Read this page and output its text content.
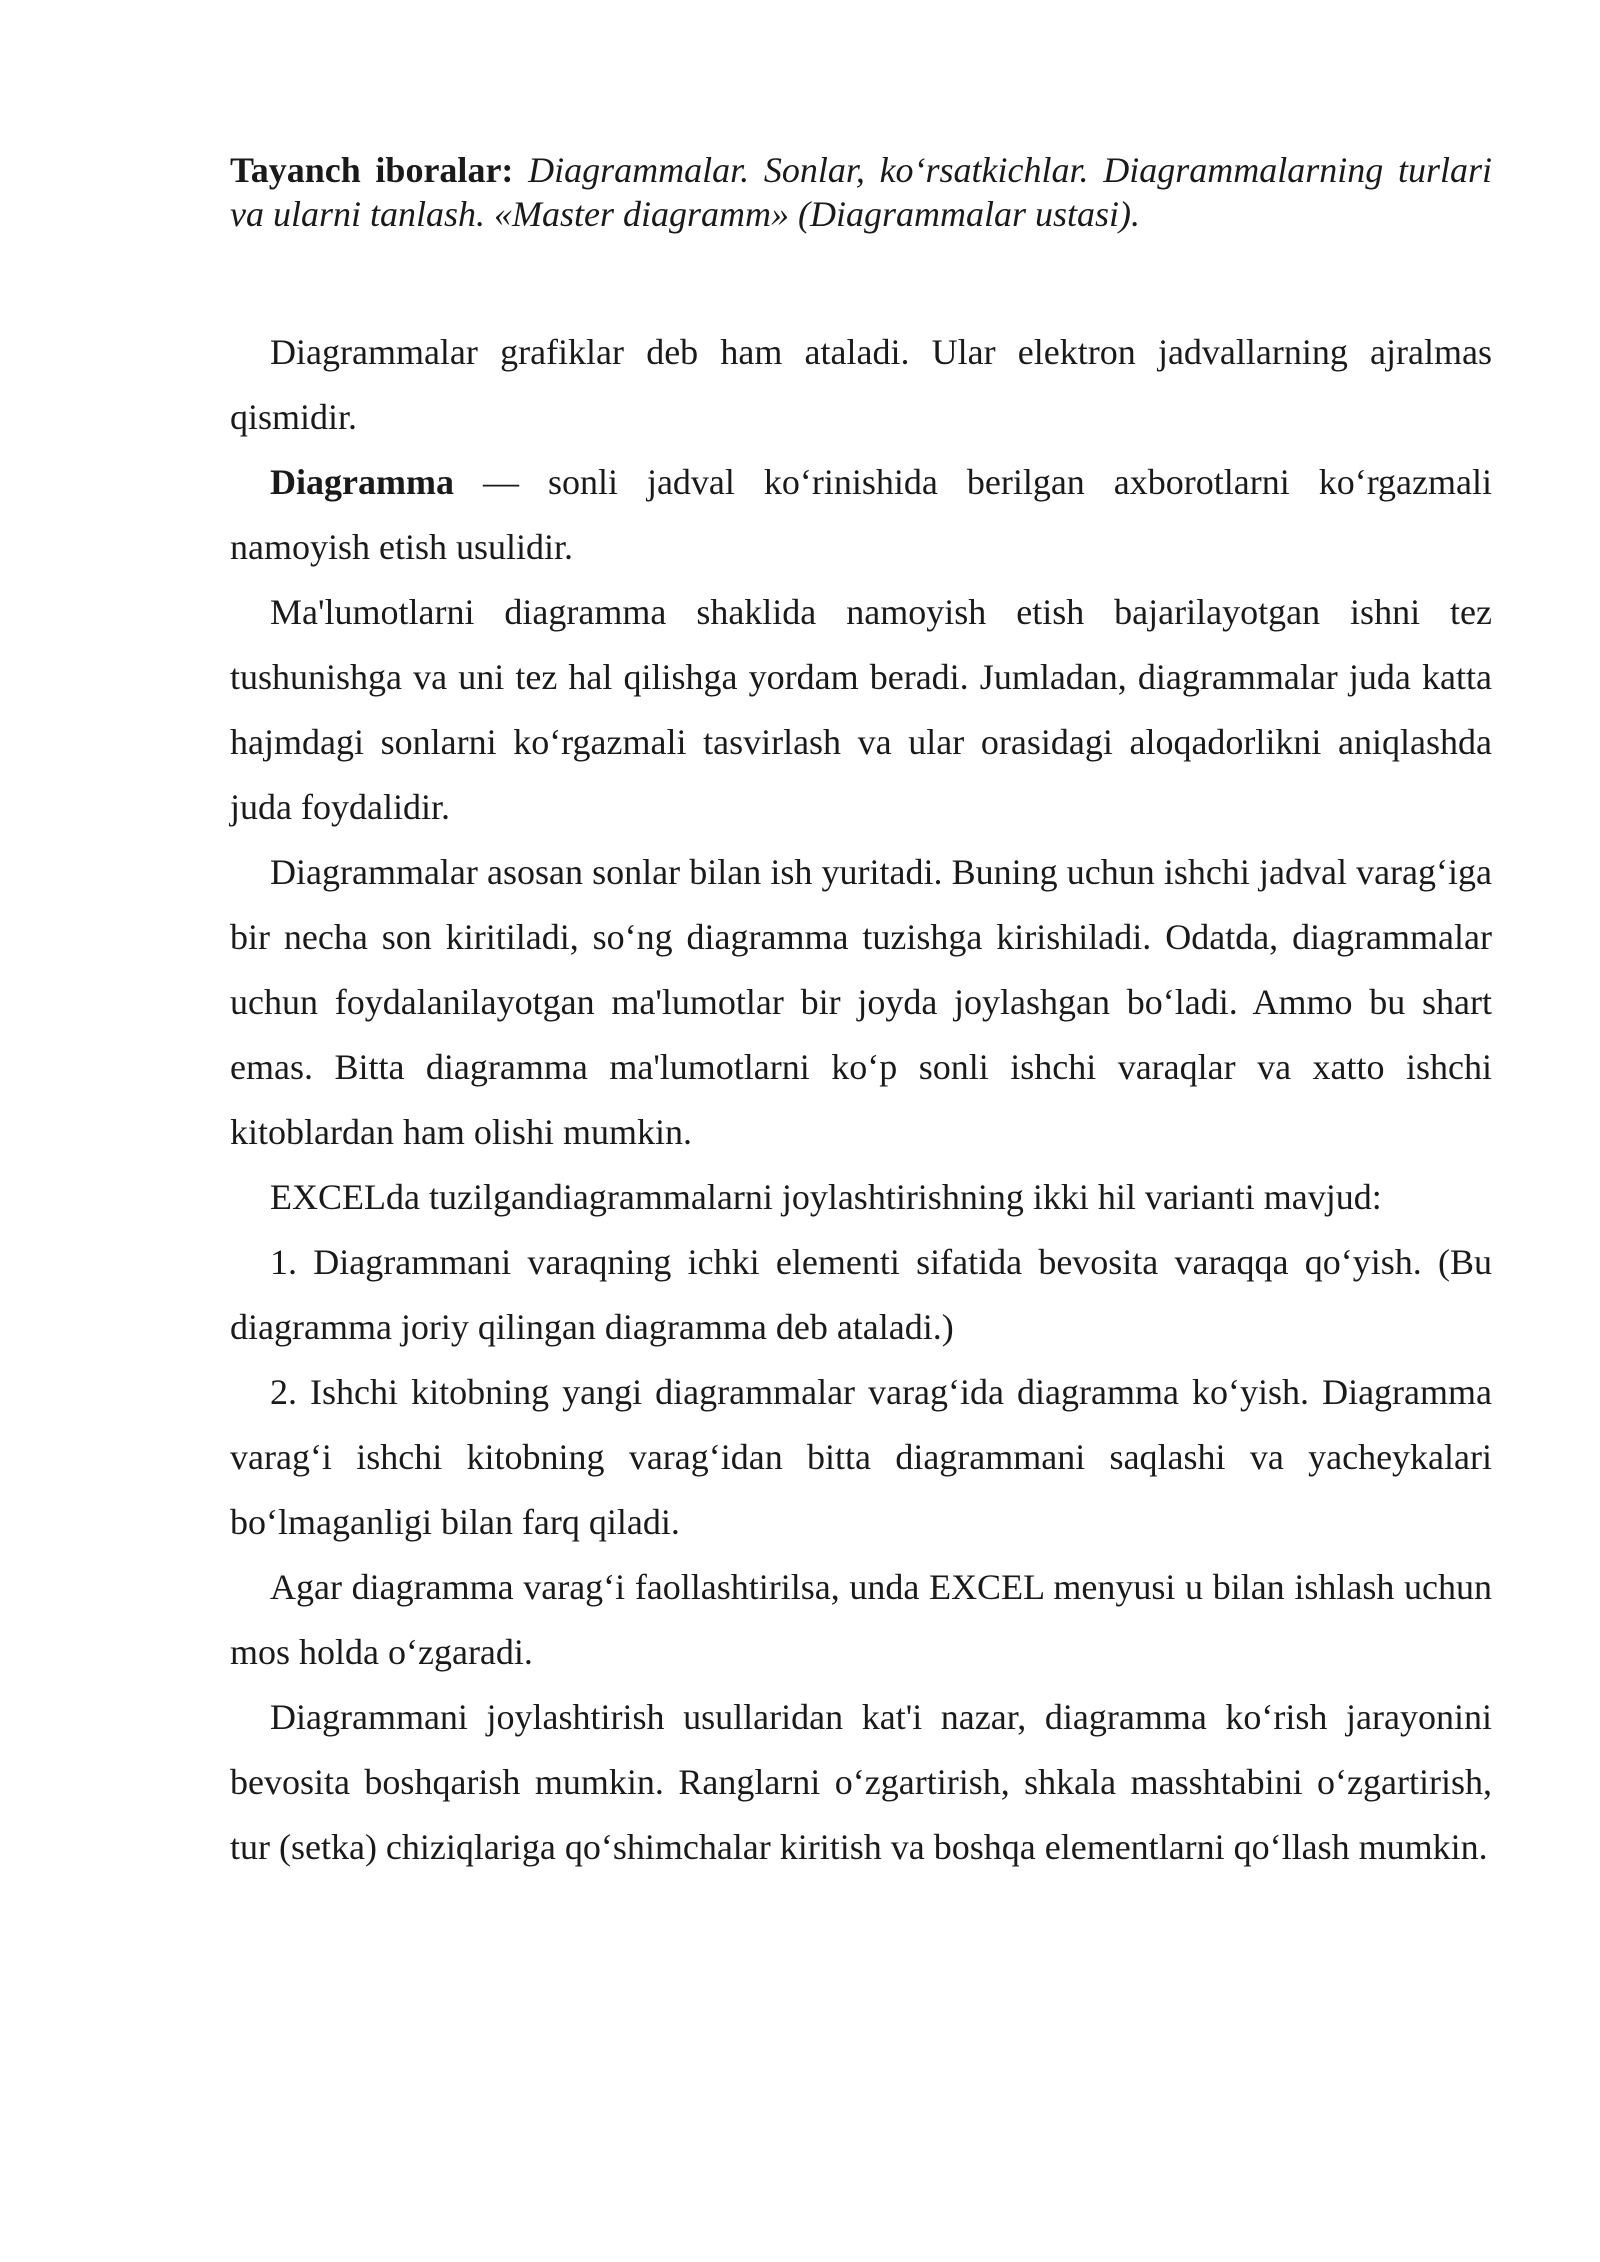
Tayanch iboralar: Diagrammalar. Sonlar, ko‘rsatkichlar. Diagrammalarning turlari va ularni tanlash. «Master diagramm» (Diagrammalar ustasi).

Diagrammalar grafiklar deb ham ataladi. Ular elektron jadvallarning ajralmas qismidir.

Diagramma — sonli jadval ko‘rinishida berilgan axborotlarni ko‘rgazmali namoyish etish usulidir.

Ma'lumotlarni diagramma shaklida namoyish etish bajarilayotgan ishni tez tushunishga va uni tez hal qilishga yordam beradi. Jumladan, diagrammalar juda katta hajmdagi sonlarni ko‘rgazmali tasvirlash va ular orasidagi aloqadorlikni aniqlashda juda foydalidir.

Diagrammalar asosan sonlar bilan ish yuritadi. Buning uchun ishchi jadval varag‘iga bir necha son kiritiladi, so‘ng diagramma tuzishga kirishiladi. Odatda, diagrammalar uchun foydalanilayotgan ma'lumotlar bir joyda joylashgan bo‘ladi. Ammo bu shart emas. Bitta diagramma ma'lumotlarni ko‘p sonli ishchi varaqlar va xatto ishchi kitoblardan ham olishi mumkin.

EXCELda tuzilgandiagrammalarni joylashtirishning ikki hil varianti mavjud:

1. Diagrammani varaqning ichki elementi sifatida bevosita varaqqa qo‘yish. (Bu diagramma joriy qilingan diagramma deb ataladi.)

2. Ishchi kitobning yangi diagrammalar varag‘ida diagramma ko‘yish. Diagramma varag‘i ishchi kitobning varag‘idan bitta diagrammani saqlashi va yacheykalari bo‘lmaganligi bilan farq qiladi.

Agar diagramma varag‘i faollashtirilsa, unda EXCEL menyusi u bilan ishlash uchun mos holda o‘zgaradi.

Diagrammani joylashtirish usullaridan kat'i nazar, diagramma ko‘rish jarayonini bevosita boshqarish mumkin. Ranglarni o‘zgartirish, shkala masshtabini o‘zgartirish, tur (setka) chiziqlariga qo‘shimchalar kiritish va boshqa elementlarni qo‘llash mumkin.
